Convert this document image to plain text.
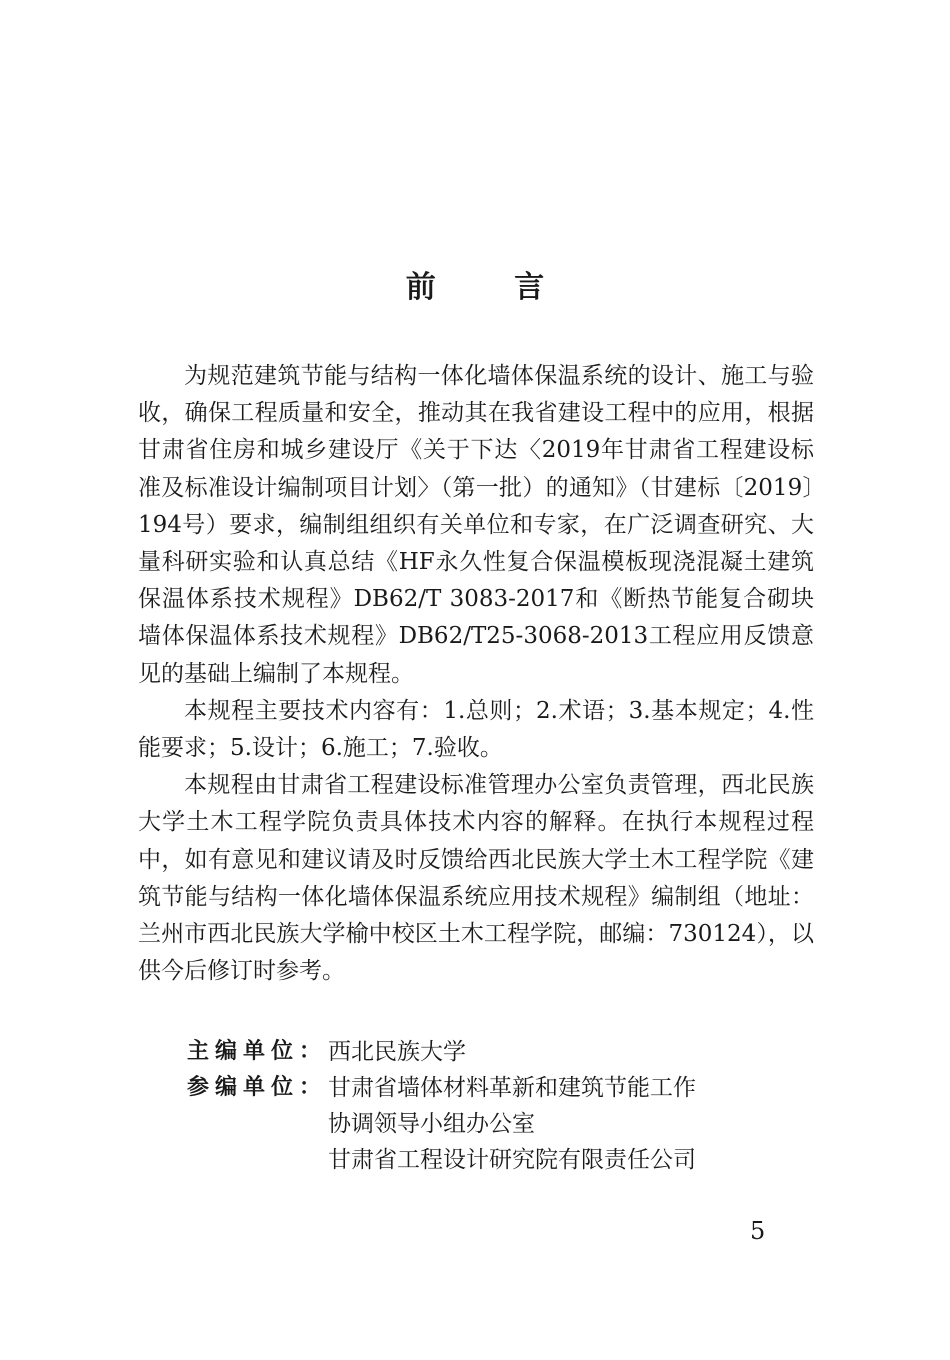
前 言

为规范建筑节能与结构一体化墙体保温系统的设计、施工与验收，确保工程质量和安全，推动其在我省建设工程中的应用，根据甘肃省住房和城乡建设厅《关于下达〈2019年甘肃省工程建设标准及标准设计编制项目计划〉（第一批）的通知》（甘建标〔2019〕194号）要求，编制组组织有关单位和专家，在广泛调查研究、大量科研实验和认真总结《HF永久性复合保温模板现浇混凝土建筑保温体系技术规程》DB62/T 3083-2017和《断热节能复合砌块墙体保温体系技术规程》DB62/T25-3068-2013工程应用反馈意见的基础上编制了本规程。

本规程主要技术内容有：1.总则；2.术语；3.基本规定；4.性能要求；5.设计；6.施工；7.验收。

本规程由甘肃省工程建设标准管理办公室负责管理，西北民族大学土木工程学院负责具体技术内容的解释。在执行本规程过程中，如有意见和建议请及时反馈给西北民族大学土木工程学院《建筑节能与结构一体化墙体保温系统应用技术规程》编制组（地址：兰州市西北民族大学榆中校区土木工程学院，邮编：730124），以供今后修订时参考。

主编单位： 西北民族大学
参编单位： 甘肃省墙体材料革新和建筑节能工作
协调领导小组办公室
甘肃省工程设计研究院有限责任公司
5
